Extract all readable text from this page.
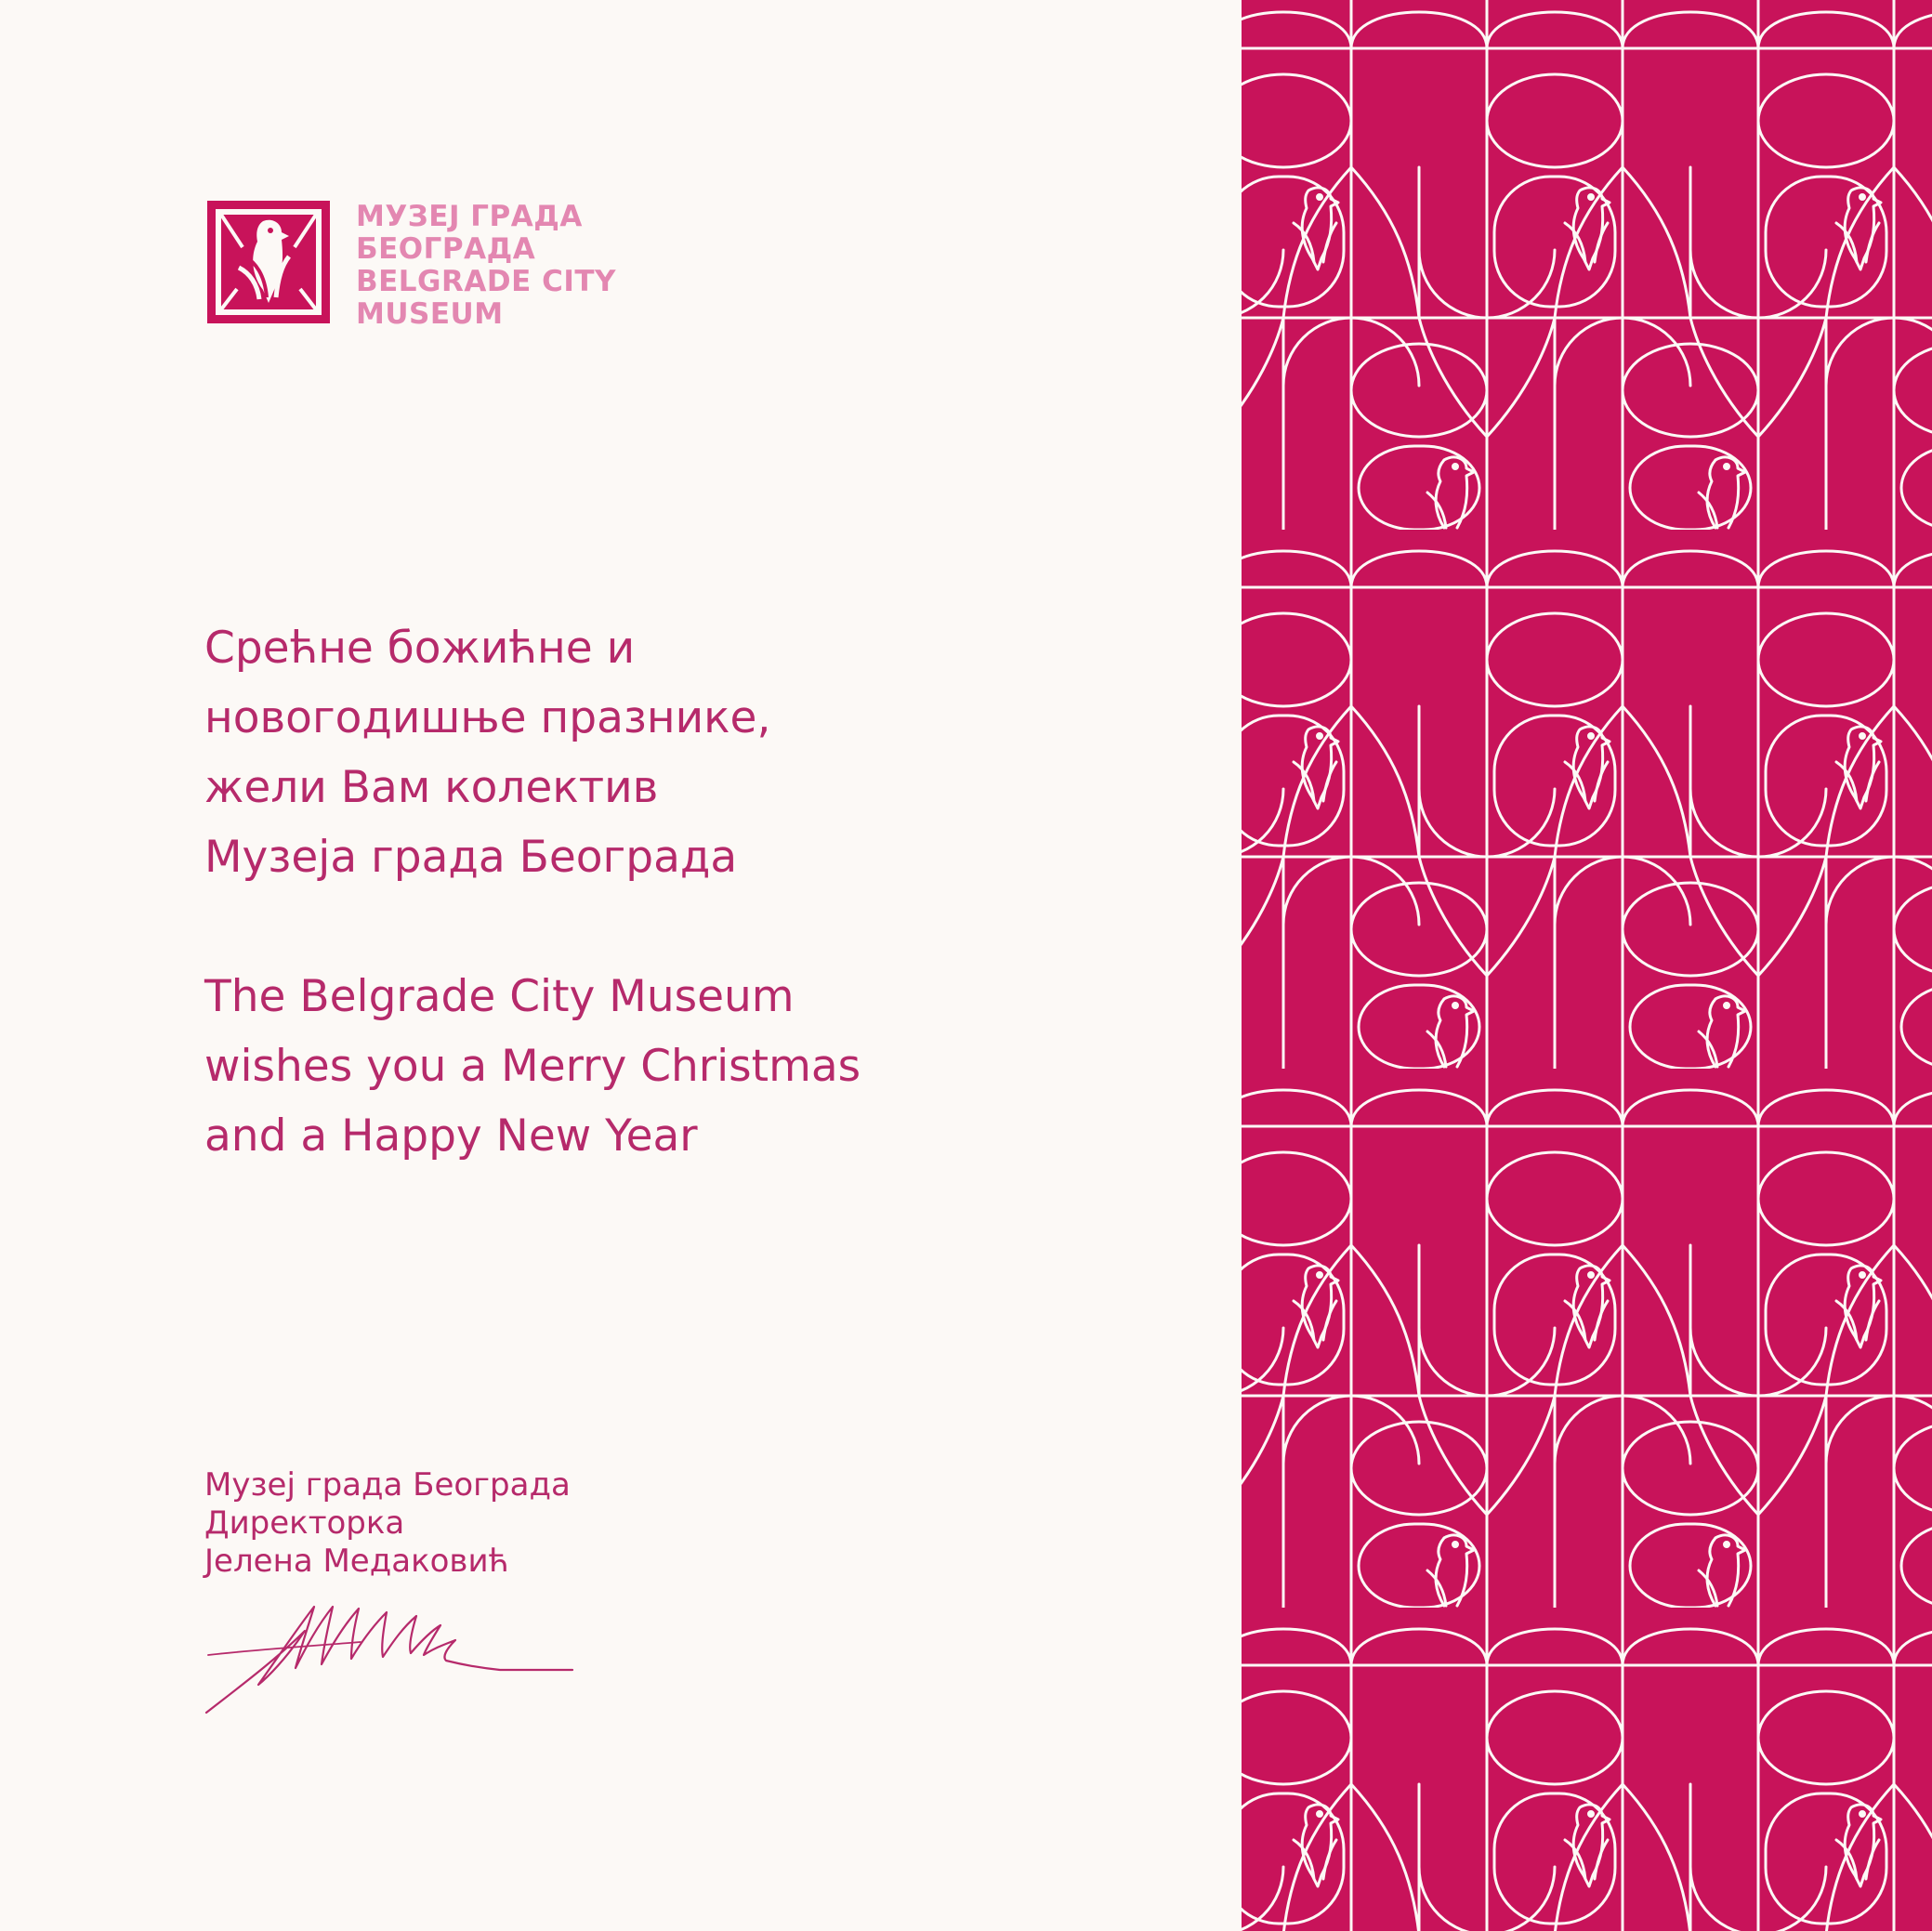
МУЗЕЈ ГРАДА
БЕОГРАДА
BELGRADE CITY
MUSEUM
Срећне божићне и
новогодишње празнике,
жели Вам колектив
Музеја града Београда
The Belgrade City Museum
wishes you a Merry Christmas
and a Happy New Year
Музеј града Београда
Директорка
Јелена Медаковић
